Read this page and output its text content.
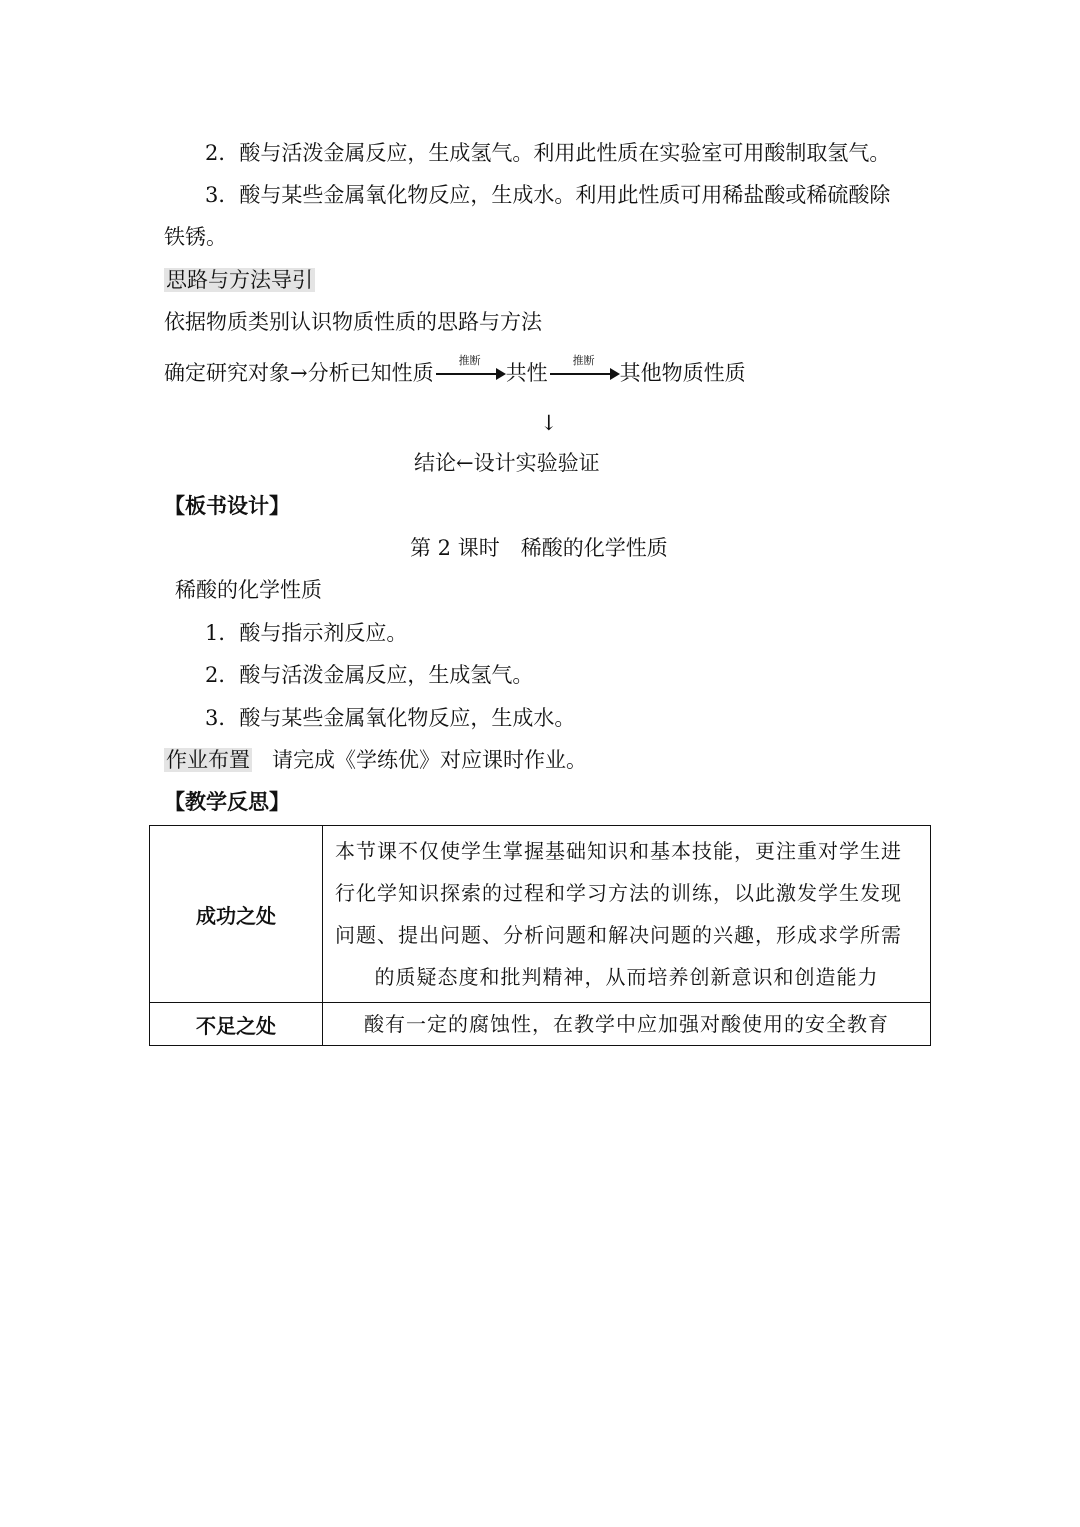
2．酸与活泼金属反应，生成氢气。利用此性质在实验室可用酸制取氢气。
3．酸与某些金属氧化物反应，生成水。利用此性质可用稀盐酸或稀硫酸除
铁锈。
思路与方法导引
依据物质类别认识物质性质的思路与方法
确定研究对象→分析已知性质
推断
共性
推断
其他物质性质
↓
结论←设计实验验证
【板书设计】
第 2 课时　稀酸的化学性质
稀酸的化学性质
1．酸与指示剂反应。
2．酸与活泼金属反应，生成氢气。
3．酸与某些金属氧化物反应，生成水。
作业布置 请完成《学练优》对应课时作业。
【教学反思】
成功之处	本节课不仅使学生掌握基础知识和基本技能，更注重对学生进
行化学知识探索的过程和学习方法的训练，以此激发学生发现
问题、提出问题、分析问题和解决问题的兴趣，形成求学所需
的质疑态度和批判精神，从而培养创新意识和创造能力

不足之处	酸有一定的腐蚀性，在教学中应加强对酸使用的安全教育
